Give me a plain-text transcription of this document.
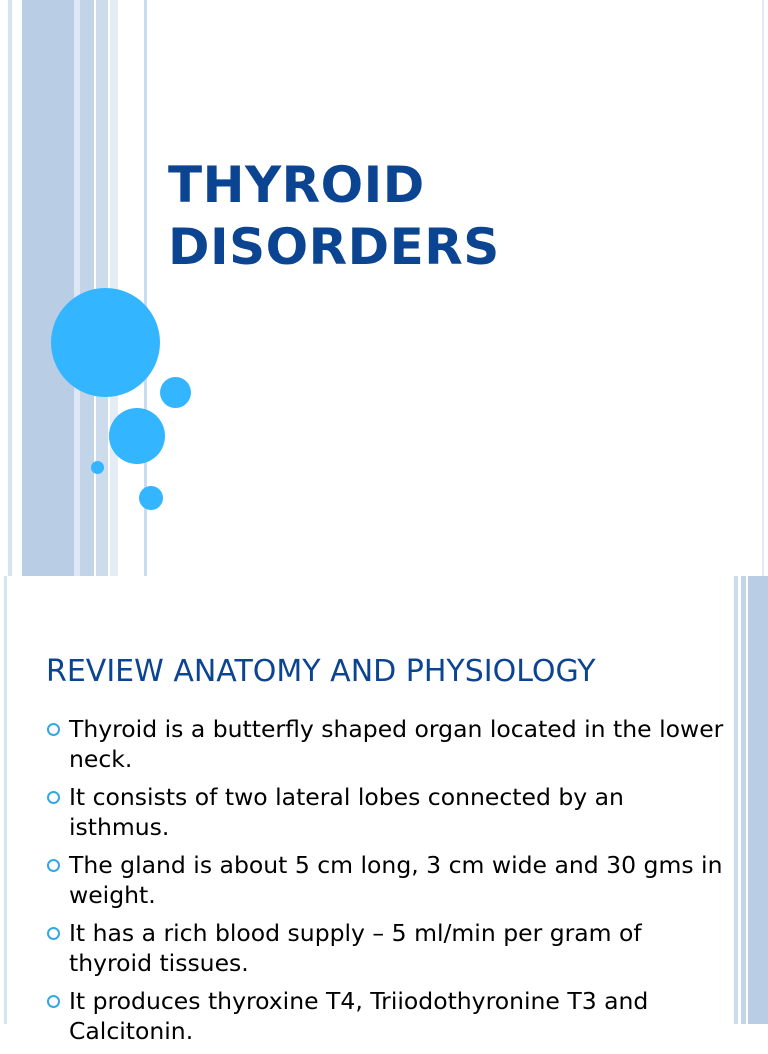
THYROID
DISORDERS
REVIEW ANATOMY AND PHYSIOLOGY
Thyroid is a butterfly shaped organ located in the lower neck.
It consists of two lateral lobes connected by an isthmus.
The gland is about 5 cm long, 3 cm wide and 30 gms in weight.
It has a rich blood supply – 5 ml/min per gram of thyroid tissues.
It produces thyroxine T4, Triiodothyronine T3 and Calcitonin.
